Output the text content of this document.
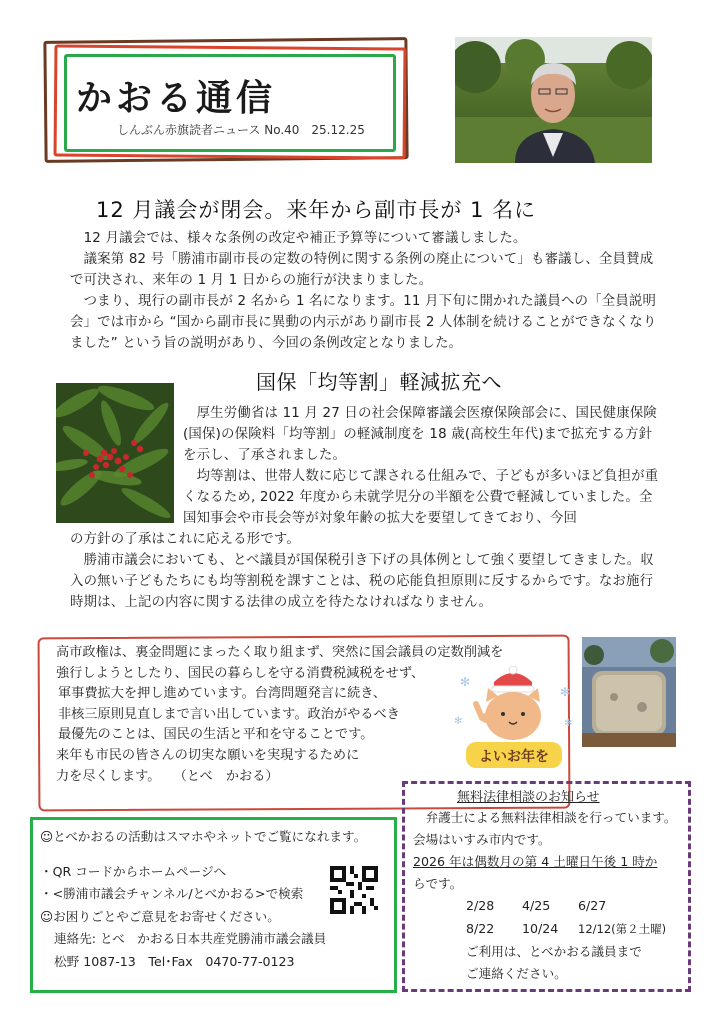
かおる通信
しんぶん赤旗読者ニュース No.40　25.12.25
12 月議会が閉会。来年から副市長が 1 名に

　12 月議会では、様々な条例の改定や補正予算等について審議しました。

　議案第 82 号「勝浦市副市長の定数の特例に関する条例の廃止について」も審議し、全員賛成で可決され、来年の 1 月 1 日からの施行が決まりました。

　つまり、現行の副市長が 2 名から 1 名になります。11 月下旬に開かれた議員への「全員説明会」では市から “国から副市長に異動の内示があり副市長 2 人体制を続けることができなくなりました” という旨の説明があり、今回の条例改定となりました。

国保「均等割」軽減拡充へ

　厚生労働省は 11 月 27 日の社会保障審議会医療保険部会に、国民健康保険(国保)の保険料「均等割」の軽減制度を 18 歳(高校生年代)まで拡充する方針を示し、了承されました。

　均等割は、世帯人数に応じて課される仕組みで、子どもが多いほど負担が重くなるため, 2022 年度から未就学児分の半額を公費で軽減していました。全国知事会や市長会等が対象年齢の拡大を要望してきており、今回

の方針の了承はこれに応える形です。

　勝浦市議会においても、とべ議員が国保税引き下げの具体例として強く要望してきました。収入の無い子どもたちにも均等割税を課すことは、税の応能負担原則に反するからです。なお施行時期は、上記の内容に関する法律の成立を待たなければなりません。

高市政権は、裏金問題にまったく取り組まず、突然に国会議員の定数削減を

強行しようとしたり、国民の暮らしを守る消費税減税をせず、

軍事費拡大を押し進めています。台湾問題発言に続き、

非核三原則見直しまで言い出しています。政治がやるべき

最優先のことは、国民の生活と平和を守ることです。

来年も市民の皆さんの切実な願いを実現するために

力を尽くします。　　（とべ　かおる）

✻
✻
✻	✻
よいお年を
無料法律相談のお知らせ

　弁護士による無料法律相談を行っています。会場はいすみ市内です。

2026 年は偶数月の第 4 土曜日午後 1 時か

らです。

2/28 4/25 6/27
8/22 10/24 12/12(第２土曜)

ご利用は、とべかおる議員まで

ご連絡ください。

☺とべかおるの活動はスマホやネットでご覧になれます。

・QR コードからホームページへ

・<勝浦市議会チャンネル/とべかおる>で検索

☺お困りごとやご意見をお寄せください。

連絡先: とべ　かおる日本共産党勝浦市議会議員

松野 1087-13　Tel･Fax　0470-77-0123
